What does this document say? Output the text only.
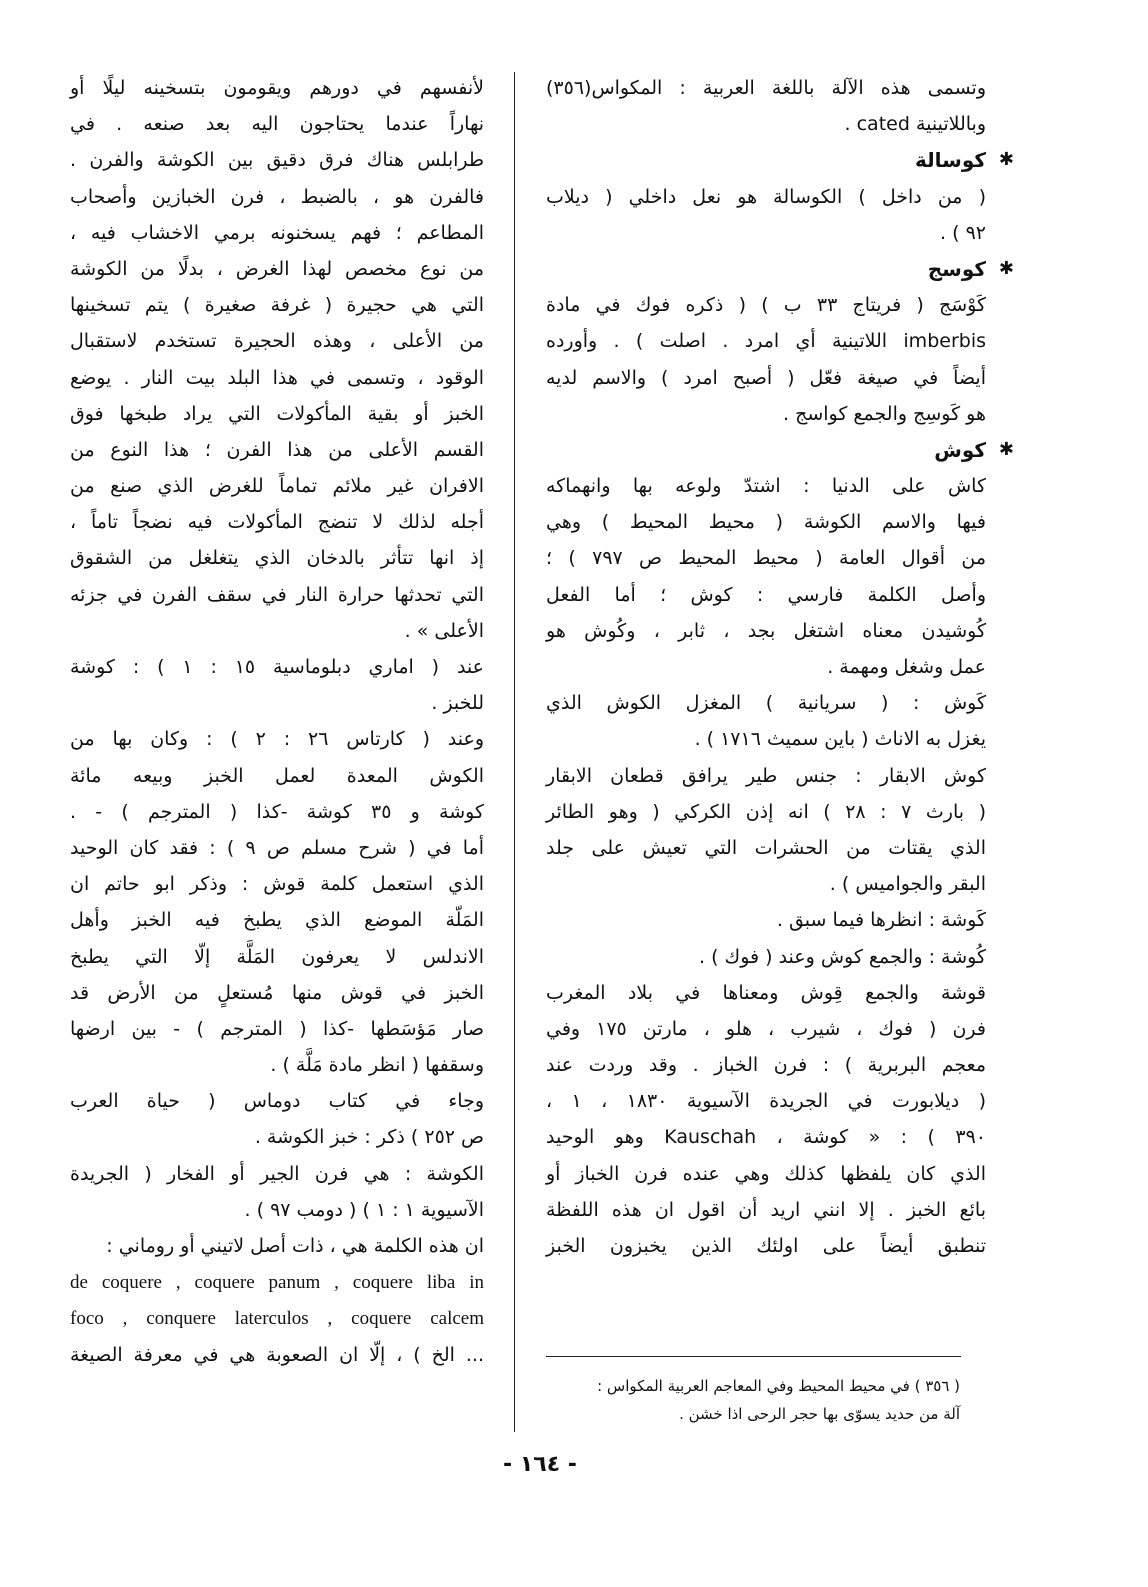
وتسمى هذه الآلة باللغة العربية : المكواس(٣٥٦)
وباللاتينية cated .
✱
كوسالة
( من داخل ) الكوسالة هو نعل داخلي ( ديلاب
٩٢ ) .
✱
كوسج
كَوْسَج ( فريتاج ٣٣ ب ) ( ذكره فوك في مادة
imberbis اللاتينية أي امرد . اصلت ) . وأورده
أيضاً في صيغة فعّل ( أصبح امرد ) والاسم لديه
هو كَوسِج والجمع كواسج .
✱
كوش
كاش على الدنيا : اشتدّ ولوعه بها وانهماكه
فيها والاسم الكوشة ( محيط المحيط ) وهي
من أقوال العامة ( محيط المحيط ص ٧٩٧ ) ؛
وأصل الكلمة فارسي : كوش ؛ أما الفعل
كُوشيدن معناه اشتغل بجد ، ثابر ، وكُوش هو
عمل وشغل ومهمة .
كَوش : ( سريانية ) المغزل الكوش الذي
يغزل به الاناث ( باين سميث ١٧١٦ ) .
كوش الابقار : جنس طير يرافق قطعان الابقار
( بارث ٧ : ٢٨ ) انه إذن الكركي ( وهو الطائر
الذي يقتات من الحشرات التي تعيش على جلد
البقر والجواميس ) .
كَوشة : انظرها فيما سبق .
كُوشة : والجمع كوش وعند ( فوك ) .
قوشة والجمع قِوش ومعناها في بلاد المغرب
فرن ( فوك ، شيرب ، هلو ، مارتن ١٧٥ وفي
معجم البربرية ) : فرن الخباز . وقد وردت عند
( ديلابورت في الجريدة الآسيوية ١٨٣٠ ، ١ ،
٣٩٠ ) : « كوشة ، Kauschah وهو الوحيد
الذي كان يلفظها كذلك وهي عنده فرن الخباز أو
بائع الخبز . إلا انني اريد أن اقول ان هذه اللفظة
تنطبق أيضاً على اولئك الذين يخبزون الخبز
لأنفسهم في دورهم ويقومون بتسخينه ليلًا أو
نهاراً عندما يحتاجون اليه بعد صنعه . في
طرابلس هناك فرق دقيق بين الكوشة والفرن .
فالفرن هو ، بالضبط ، فرن الخبازين وأصحاب
المطاعم ؛ فهم يسخنونه برمي الاخشاب فيه ،
من نوع مخصص لهذا الغرض ، بدلًا من الكوشة
التي هي حجيرة ( غرفة صغيرة ) يتم تسخينها
من الأعلى ، وهذه الحجيرة تستخدم لاستقبال
الوقود ، وتسمى في هذا البلد بيت النار . يوضع
الخبز أو بقية المأكولات التي يراد طبخها فوق
القسم الأعلى من هذا الفرن ؛ هذا النوع من
الافران غير ملائم تماماً للغرض الذي صنع من
أجله لذلك لا تنضج المأكولات فيه نضجاً تاماً ،
إذ انها تتأثر بالدخان الذي يتغلغل من الشقوق
التي تحدثها حرارة النار في سقف الفرن في جزئه
الأعلى » .
عند ( اماري دبلوماسية ١٥ : ١ ) : كوشة
للخبز .
وعند ( كارتاس ٢٦ : ٢ ) : وكان بها من
الكوش المعدة لعمل الخبز وبيعه مائة
كوشة و ٣٥ كوشة -كذا ( المترجم ) - .
أما في ( شرح مسلم ص ٩ ) : فقد كان الوحيد
الذي استعمل كلمة قوش : وذكر ابو حاتم ان
المَلّة الموضع الذي يطبخ فيه الخبز وأهل
الاندلس لا يعرفون المَلَّة إلّا التي يطبخ
الخبز في قوش منها مُستعلٍ من الأرض قد
صار مَؤسَطها -كذا ( المترجم ) - بين ارضها
وسقفها ( انظر مادة مَلَّة ) .
وجاء في كتاب دوماس ( حياة العرب
ص ٢٥٢ ) ذكر : خبز الكوشة .
الكوشة : هي فرن الجير أو الفخار ( الجريدة
الآسيوية ١ : ١ ) ( دومب ٩٧ ) .
ان هذه الكلمة هي ، ذات أصل لاتيني أو روماني :
de coquere , coquere panum , coquere liba in
foco , conquere laterculos , coquere calcem
... الخ ) ، إلّا ان الصعوبة هي في معرفة الصيغة
( ٣٥٦ ) في محيط المحيط وفي المعاجم العربية المكواس :
آلة من حديد يسوّى بها حجر الرحى اذا خشن .
- ١٦٤ -
